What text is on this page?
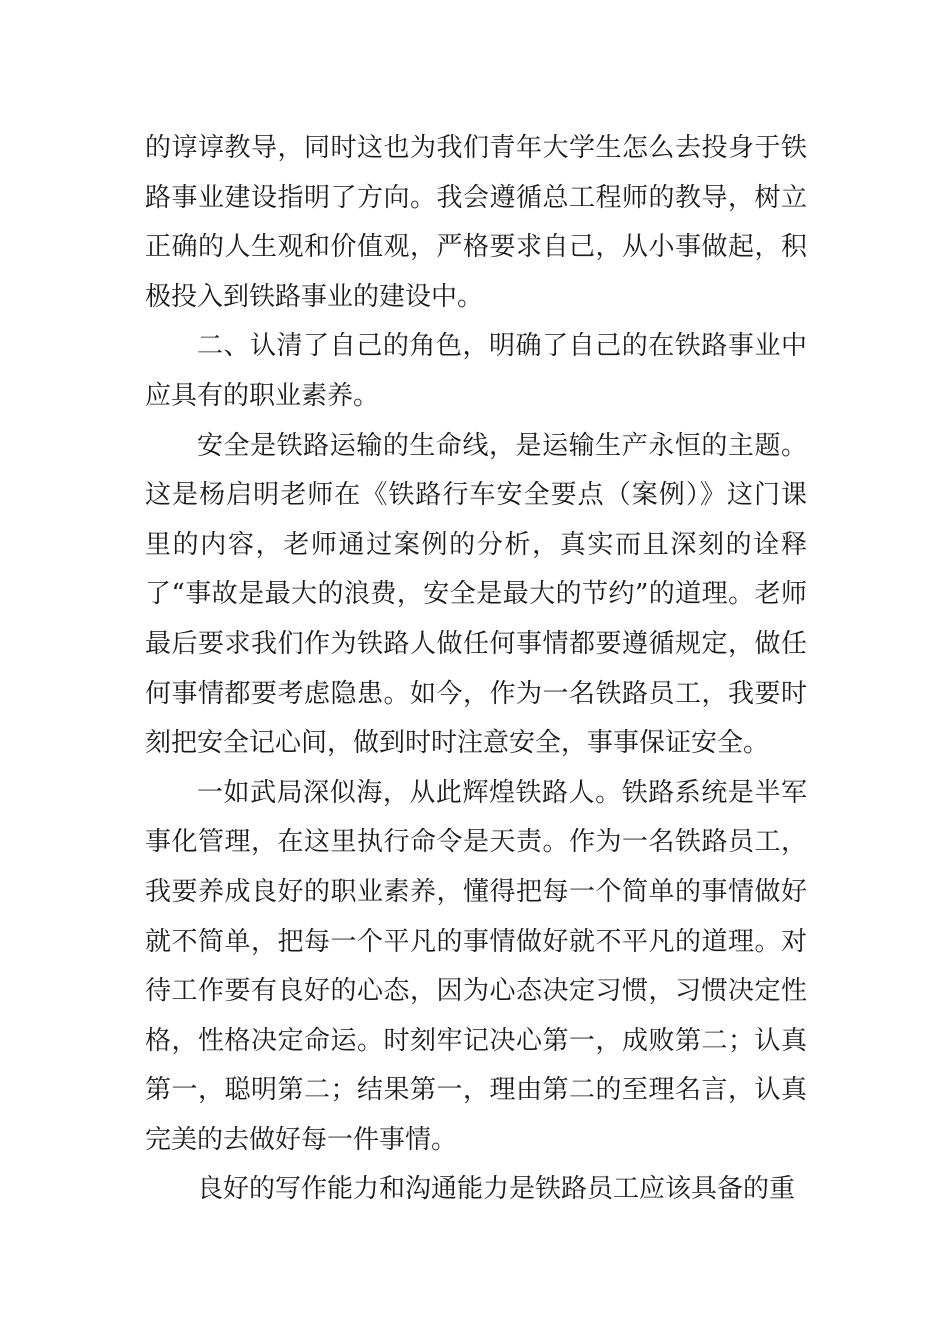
的谆谆教导，同时这也为我们青年大学生怎么去投身于铁路事业建设指明了方向。我会遵循总工程师的教导，树立正确的人生观和价值观，严格要求自己，从小事做起，积极投入到铁路事业的建设中。

二、认清了自己的角色，明确了自己的在铁路事业中应具有的职业素养。

安全是铁路运输的生命线，是运输生产永恒的主题。这是杨启明老师在《铁路行车安全要点（案例）》这门课里的内容，老师通过案例的分析，真实而且深刻的诠释了“事故是最大的浪费，安全是最大的节约”的道理。老师最后要求我们作为铁路人做任何事情都要遵循规定，做任何事情都要考虑隐患。如今，作为一名铁路员工，我要时刻把安全记心间，做到时时注意安全，事事保证安全。

一如武局深似海，从此辉煌铁路人。铁路系统是半军事化管理，在这里执行命令是天责。作为一名铁路员工，我要养成良好的职业素养，懂得把每一个简单的事情做好就不简单，把每一个平凡的事情做好就不平凡的道理。对待工作要有良好的心态，因为心态决定习惯，习惯决定性格，性格决定命运。时刻牢记决心第一，成败第二；认真第一，聪明第二；结果第一，理由第二的至理名言，认真完美的去做好每一件事情。

良好的写作能力和沟通能力是铁路员工应该具备的重
